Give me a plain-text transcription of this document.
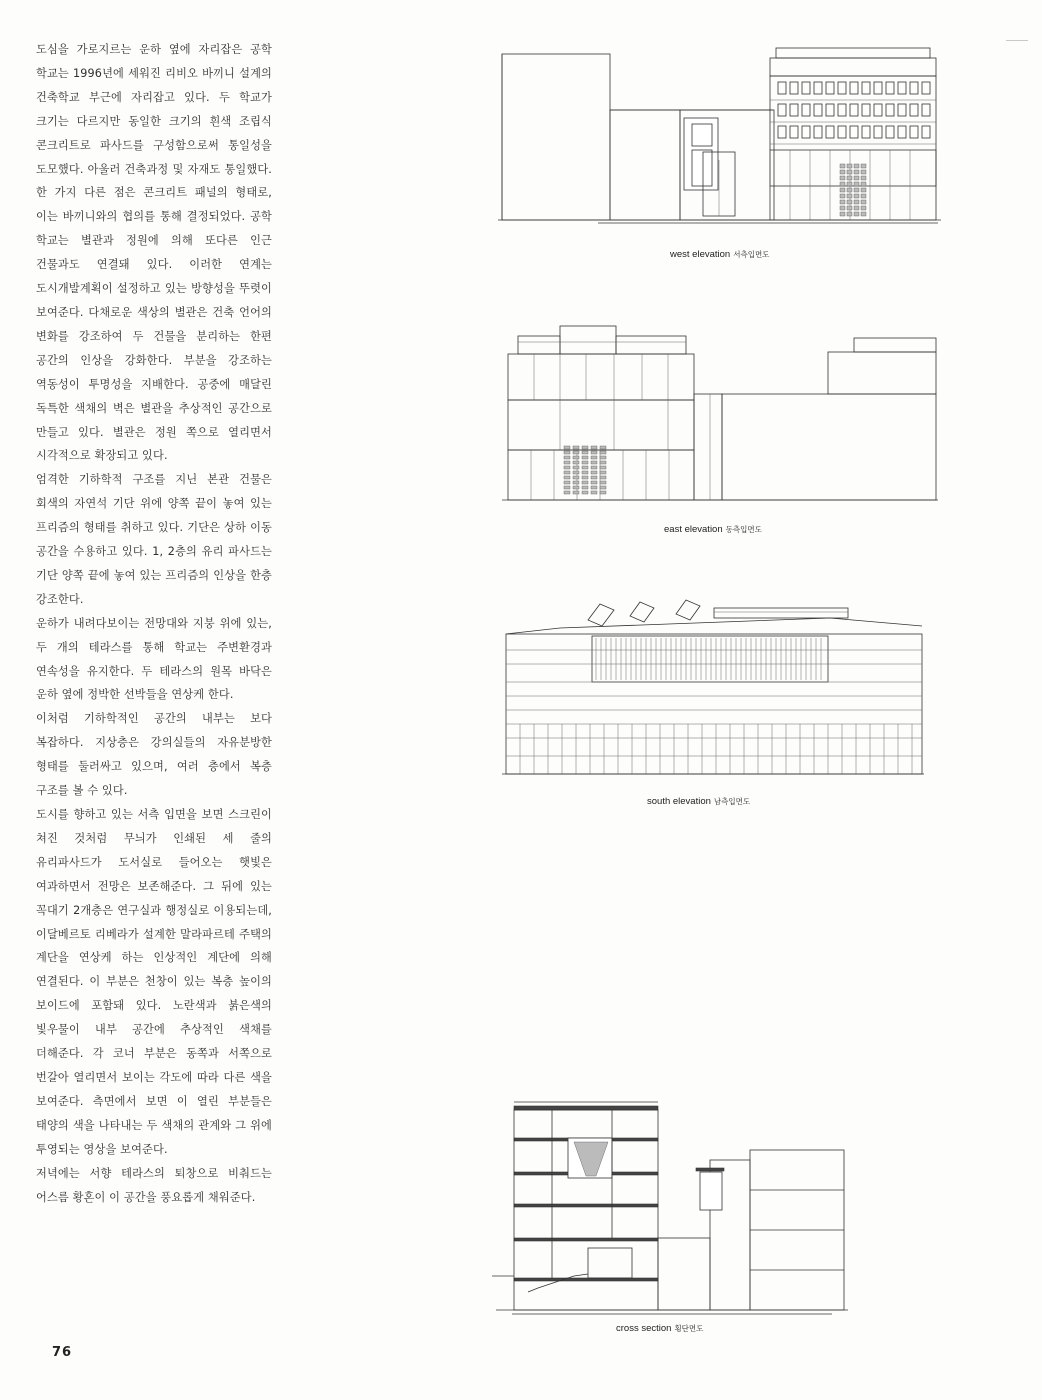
도심을 가로지르는 운하 옆에 자리잡은 공학 학교는 1996년에 세워진 리비오 바끼니 설계의 건축학교 부근에 자리잡고 있다. 두 학교가 크기는 다르지만 동일한 크기의 흰색 조립식 콘크리트로 파사드를 구성함으로써 통일성을 도모했다. 아울러 건축과정 및 자재도 통일했다. 한 가지 다른 점은 콘크리트 패널의 형태로, 이는 바끼니와의 협의를 통해 결정되었다. 공학 학교는 별관과 정원에 의해 또다른 인근 건물과도 연결돼 있다. 이러한 연계는 도시개발계획이 설정하고 있는 방향성을 뚜렷이 보여준다. 다채로운 색상의 별관은 건축 언어의 변화를 강조하여 두 건물을 분리하는 한편 공간의 인상을 강화한다. 부분을 강조하는 역동성이 투명성을 지배한다. 공중에 매달린 독특한 색채의 벽은 별관을 추상적인 공간으로 만들고 있다. 별관은 정원 쪽으로 열리면서 시각적으로 확장되고 있다.

엄격한 기하학적 구조를 지닌 본관 건물은 회색의 자연석 기단 위에 양쪽 끝이 놓여 있는 프리즘의 형태를 취하고 있다. 기단은 상하 이동 공간을 수용하고 있다. 1, 2층의 유리 파사드는 기단 양쪽 끝에 놓여 있는 프리즘의 인상을 한층 강조한다.

운하가 내려다보이는 전망대와 지붕 위에 있는, 두 개의 테라스를 통해 학교는 주변환경과 연속성을 유지한다. 두 테라스의 원목 바닥은 운하 옆에 정박한 선박들을 연상케 한다.

이처럼 기하학적인 공간의 내부는 보다 복잡하다. 지상층은 강의실들의 자유분방한 형태를 둘러싸고 있으며, 여러 층에서 복층 구조를 볼 수 있다.

도시를 향하고 있는 서측 입면을 보면 스크린이 쳐진 것처럼 무늬가 인쇄된 세 줄의 유리파사드가 도서실로 들어오는 햇빛은 여과하면서 전망은 보존해준다. 그 뒤에 있는 꼭대기 2개층은 연구실과 행정실로 이용되는데, 이달베르토 리베라가 설계한 말라파르테 주택의 계단을 연상케 하는 인상적인 계단에 의해 연결된다. 이 부분은 천창이 있는 복층 높이의 보이드에 포함돼 있다. 노란색과 붉은색의 빛우물이 내부 공간에 추상적인 색채를 더해준다. 각 코너 부분은 동쪽과 서쪽으로 번갈아 열리면서 보이는 각도에 따라 다른 색을 보여준다. 측면에서 보면 이 열린 부분들은 태양의 색을 나타내는 두 색채의 관계와 그 위에 투영되는 영상을 보여준다.

저녁에는 서향 테라스의 퇴창으로 비춰드는 어스름 황혼이 이 공간을 풍요롭게 채워준다.

west elevation 서측입면도
east elevation 동측입면도
south elevation 남측입면도
cross section 횡단면도
76
